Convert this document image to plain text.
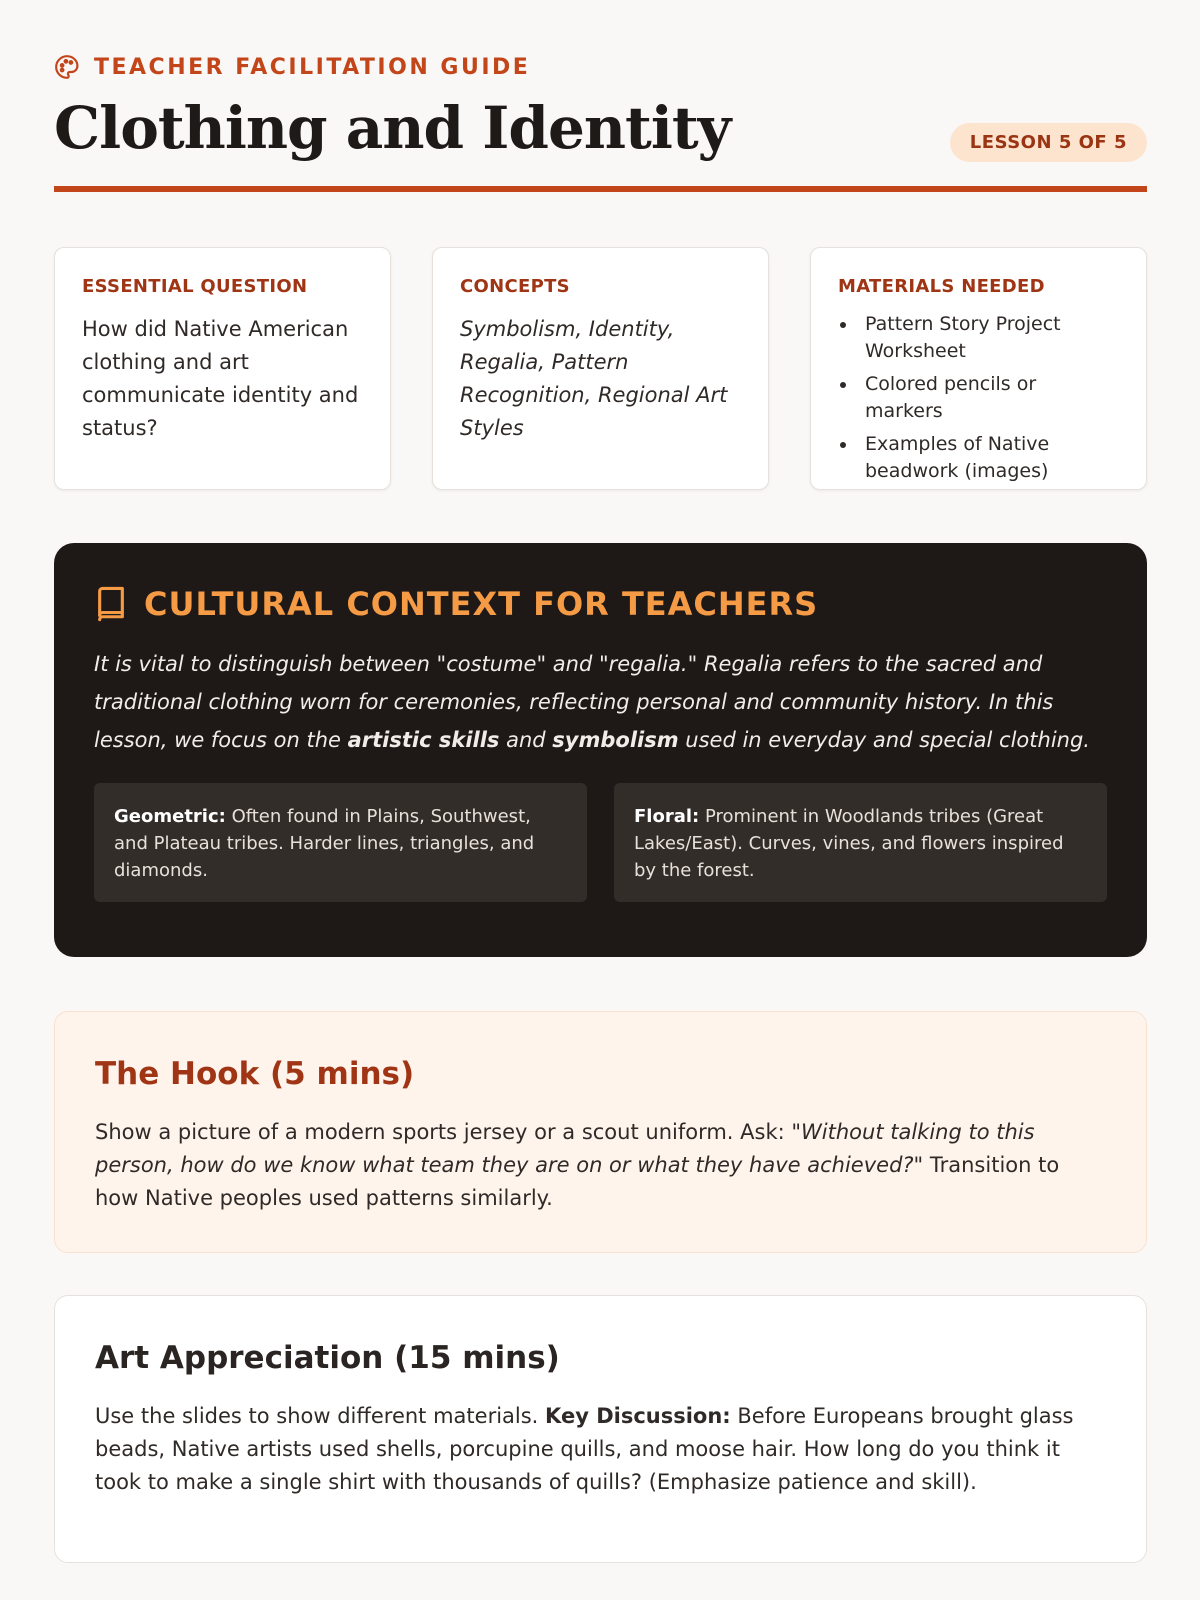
TEACHER FACILITATION GUIDE
Clothing and Identity	LESSON 5 OF 5
ESSENTIAL QUESTION
How did Native American clothing and art communicate identity and status?
CONCEPTS
Symbolism, Identity, Regalia, Pattern Recognition, Regional Art Styles
MATERIALS NEEDED
Pattern Story Project Worksheet
Colored pencils or markers
Examples of Native beadwork (images)
CULTURAL CONTEXT FOR TEACHERS

It is vital to distinguish between "costume" and "regalia." Regalia refers to the sacred and traditional clothing worn for ceremonies, reflecting personal and community history. In this lesson, we focus on the artistic skills and symbolism used in everyday and special clothing.

Geometric: Often found in Plains, Southwest, and Plateau tribes. Harder lines, triangles, and diamonds.
Floral: Prominent in Woodlands tribes (Great Lakes/East). Curves, vines, and flowers inspired by the forest.
The Hook (5 mins)

Show a picture of a modern sports jersey or a scout uniform. Ask: "Without talking to this person, how do we know what team they are on or what they have achieved?" Transition to how Native peoples used patterns similarly.

Art Appreciation (15 mins)

Use the slides to show different materials. Key Discussion: Before Europeans brought glass beads, Native artists used shells, porcupine quills, and moose hair. How long do you think it took to make a single shirt with thousands of quills? (Emphasize patience and skill).
